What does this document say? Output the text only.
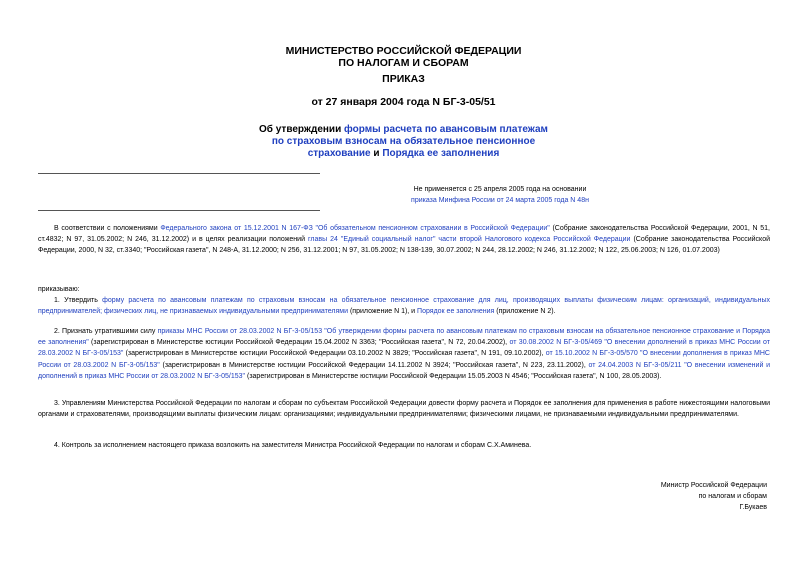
МИНИСТЕРСТВО РОССИЙСКОЙ ФЕДЕРАЦИИ
ПО НАЛОГАМ И СБОРАМ
ПРИКАЗ
от 27 января 2004 года N БГ-3-05/51
Об утверждении формы расчета по авансовым платежам по страховым взносам на обязательное пенсионное страхование и Порядка ее заполнения
Не применяется с 25 апреля 2005 года на основании
приказа Минфина России от 24 марта 2005 года N 48н
В соответствии с положениями Федерального закона от 15.12.2001 N 167-ФЗ "Об обязательном пенсионном страховании в Российской Федерации" (Собрание законодательства Российской Федерации, 2001, N 51, ст.4832; N 97, 31.05.2002; N 246, 31.12.2002) и в целях реализации положений главы 24 "Единый социальный налог" части второй Налогового кодекса Российской Федерации (Собрание законодательства Российской Федерации, 2000, N 32, ст.3340; "Российская газета", N 248-А, 31.12.2000; N 256, 31.12.2001; N 97, 31.05.2002; N 138-139, 30.07.2002; N 244, 28.12.2002; N 246, 31.12.2002; N 122, 25.06.2003; N 126, 01.07.2003)
приказываю:
1. Утвердить форму расчета по авансовым платежам по страховым взносам на обязательное пенсионное страхование для лиц, производящих выплаты физическим лицам: организаций, индивидуальных предпринимателей; физических лиц, не признаваемых индивидуальными предпринимателями (приложение N 1), и Порядок ее заполнения (приложение N 2).
2. Признать утратившими силу приказы МНС России от 28.03.2002 N БГ-3-05/153 "Об утверждении формы расчета по авансовым платежам по страховым взносам на обязательное пенсионное страхование и Порядка ее заполнения" (зарегистрирован в Министерстве юстиции Российской Федерации 15.04.2002 N 3363; "Российская газета", N 72, 20.04.2002), от 30.08.2002 N БГ-3-05/469 "О внесении дополнений в приказ МНС России от 28.03.2002 N БГ-3-05/153" (зарегистрирован в Министерстве юстиции Российской Федерации 03.10.2002 N 3829; "Российская газета", N 191, 09.10.2002), от 15.10.2002 N БГ-3-05/570 "О внесении дополнения в приказ МНС России от 28.03.2002 N БГ-3-05/153" (зарегистрирован в Министерстве юстиции Российской Федерации 14.11.2002 N 3924; "Российская газета", N 223, 23.11.2002), от 24.04.2003 N БГ-3-05/211 "О внесении изменений и дополнений в приказ МНС России от 28.03.2002 N БГ-3-05/153" (зарегистрирован в Министерстве юстиции Российской Федерации 15.05.2003 N 4546; "Российская газета", N 100, 28.05.2003).
3. Управлениям Министерства Российской Федерации по налогам и сборам по субъектам Российской Федерации довести форму расчета и Порядок ее заполнения для применения в работе нижестоящими налоговыми органами и страхователями, производящими выплаты физическим лицам: организациями; индивидуальными предпринимателями; физическими лицами, не признаваемыми индивидуальными предпринимателями.
4. Контроль за исполнением настоящего приказа возложить на заместителя Министра Российской Федерации по налогам и сборам С.Х.Аминева.
Министр Российской Федерации
по налогам и сборам
Г.Букаев
